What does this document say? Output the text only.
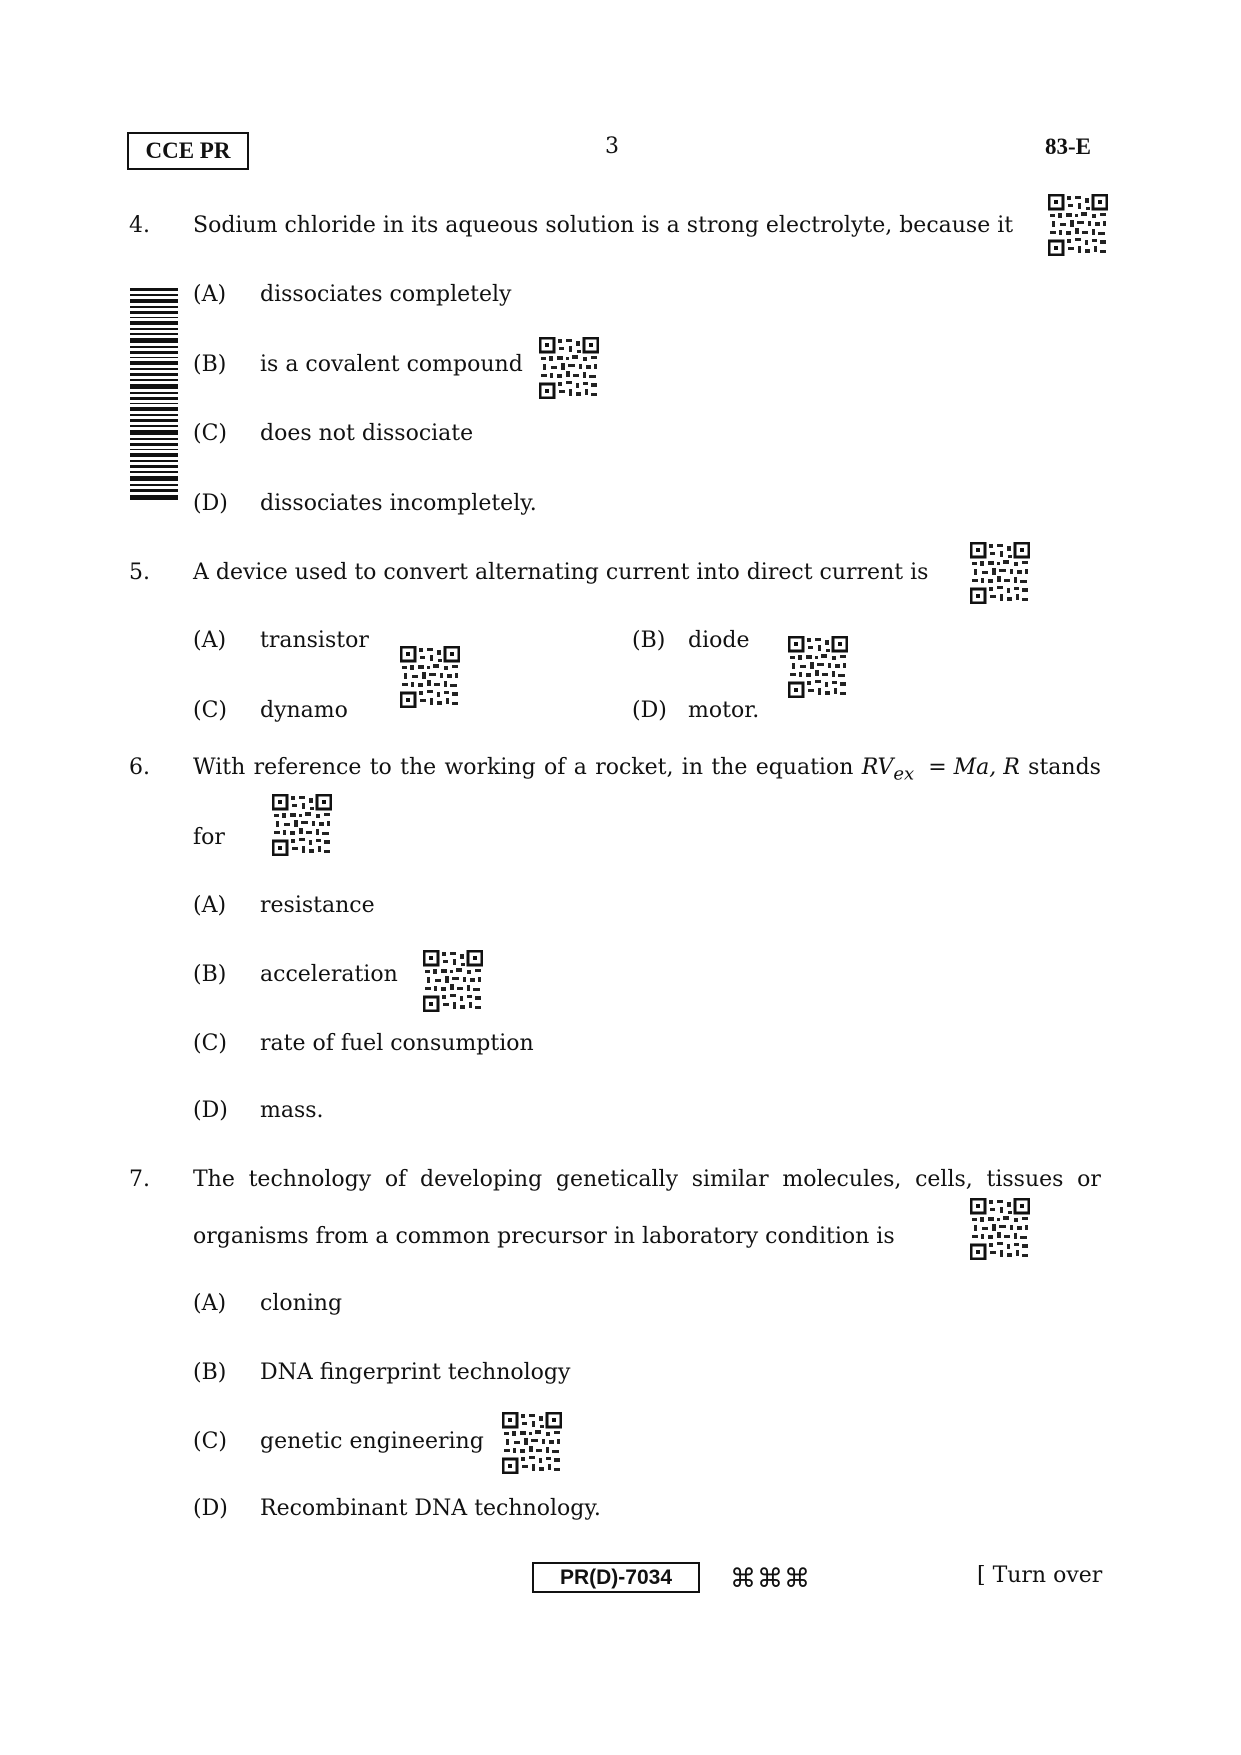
CCE PR	3	83-E
4. Sodium chloride in its aqueous solution is a strong electrolyte, because it
(A) dissociates completely
(B) is a covalent compound
(C) does not dissociate
(D) dissociates incompletely.
5. A device used to convert alternating current into direct current is
(A) transistor	(B) diode
(C) dynamo	(D) motor.
6. With reference to the working of a rocket, in the equation $RV_{ex} = Ma$, R stands
for
(A) resistance
(B) acceleration
(C) rate of fuel consumption
(D) mass.
7. The technology of developing genetically similar molecules, cells, tissues or
organisms from a common precursor in laboratory condition is
(A) cloning
(B) DNA fingerprint technology
(C) genetic engineering
(D) Recombinant DNA technology.
PR(D)-7034	⌘⌘⌘	[ Turn over
